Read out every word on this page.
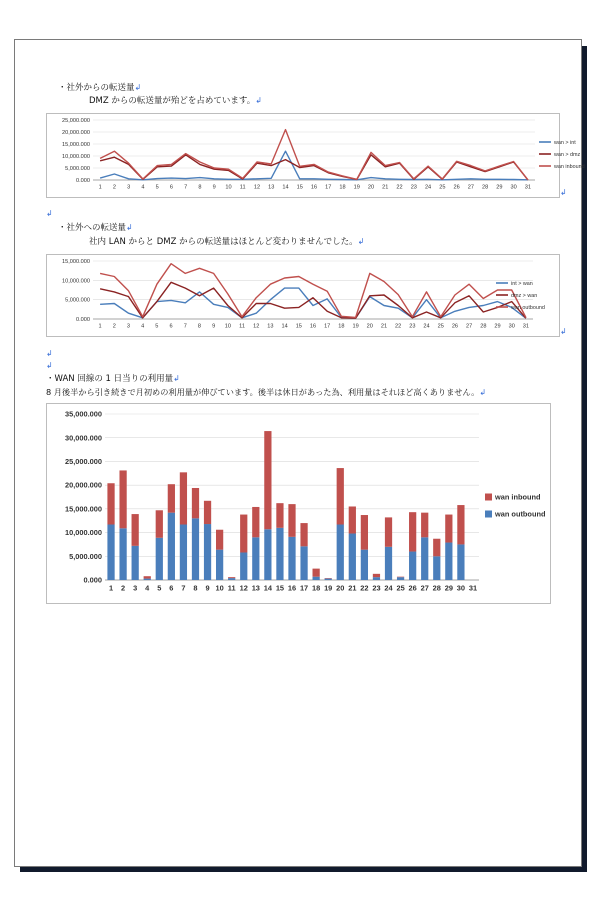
・社外からの転送量↲
DMZ からの転送量が殆どを占めています。↲
0.000
5,000.000
10,000.000
15,000.000
20,000.000
25,000.000
1 2 3 4 5 6 7 8 9 10 11 12 13 14 15 16 17 18 19 20 21 22 23 24 25 26 27 28 29 30 31
wan > int
wan > dmz
wan inbound
↲
↲
・社外への転送量↲
社内 LAN からと DMZ からの転送量はほとんど変わりませんでした。↲
0.000
5,000.000
10,000.000
15,000.000
1 2 3 4 5 6 7 8 9 10 11 12 13 14 15 16 17 18 19 20 21 22 23 24 25 26 27 28 29 30 31
int > wan
dmz > wan
wan outbound
↲
↲
↲
・WAN 回線の 1 日当りの利用量↲
8 月後半から引き続きで月初めの利用量が伸びています。後半は休日があった為、利用量はそれほど高くありません。↲
0.000
5,000.000
10,000.000
15,000.000
20,000.000
25,000.000
30,000.000
35,000.000
1 2 3 4 5 6 7 8 9 10 11 12 13 14 15 16 17 18 19 20 21 22 23 24 25 26 27 28 29 30 31
wan inbound
wan outbound
